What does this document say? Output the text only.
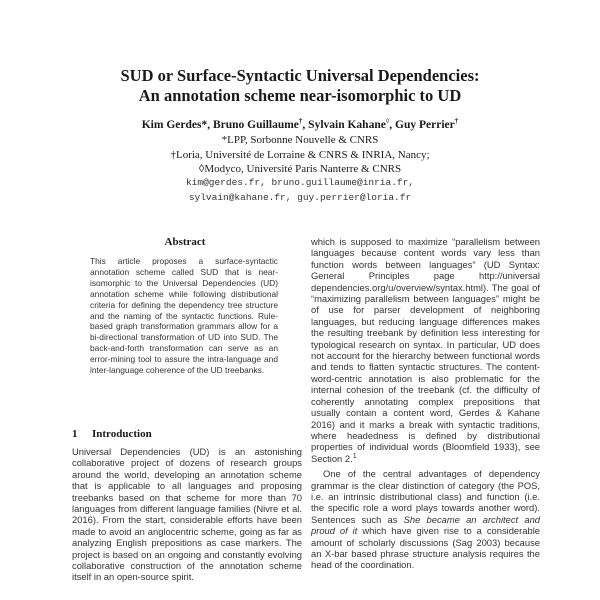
SUD or Surface-Syntactic Universal Dependencies:
An annotation scheme near-isomorphic to UD
Kim Gerdes*, Bruno Guillaume†, Sylvain Kahane◊, Guy Perrier†
*LPP, Sorbonne Nouvelle & CNRS
†Loria, Université de Lorraine & CNRS & INRIA, Nancy;
◊Modyco, Université Paris Nanterre & CNRS
kim@gerdes.fr, bruno.guillaume@inria.fr,
sylvain@kahane.fr, guy.perrier@loria.fr
Abstract
This article proposes a surface-syntactic annotation scheme called SUD that is near-isomorphic to the Universal Dependencies (UD) annotation scheme while following distributional criteria for defining the dependency tree structure and the naming of the syntactic functions. Rule-based graph transformation grammars allow for a bi-directional transformation of UD into SUD. The back-and-forth transformation can serve as an error-mining tool to assure the intra-language and inter-language coherence of the UD treebanks.
1 Introduction
Universal Dependencies (UD) is an astonishing collaborative project of dozens of research groups around the world, developing an annotation scheme that is applicable to all languages and proposing treebanks based on that scheme for more than 70 languages from different language families (Nivre et al. 2016). From the start, considerable efforts have been made to avoid an anglocentric scheme, going as far as analyzing English prepositions as case markers. The project is based on an ongoing and constantly evolving collaborative construction of the annotation scheme itself in an open-source spirit.

which is supposed to maximize “parallelism between languages because content words vary less than function words between languages” (UD Syntax: General Principles page http://universal dependencies.org/u/overview/syntax.html). The goal of “maximizing parallelism between languages” might be of use for parser development of neighboring languages, but reducing language differences makes the resulting treebank by definition less interesting for typological research on syntax. In particular, UD does not account for the hierarchy between functional words and tends to flatten syntactic structures. The content-word-centric annotation is also problematic for the internal cohesion of the treebank (cf. the difficulty of coherently annotating complex prepositions that usually contain a content word, Gerdes & Kahane 2016) and it marks a break with syntactic traditions, where headedness is defined by distributional properties of individual words (Bloomfield 1933), see Section 2.$^1$

One of the central advantages of dependency grammar is the clear distinction of category (the POS, i.e. an intrinsic distributional class) and function (i.e. the specific role a word plays towards another word). Sentences such as She became an architect and proud of it which have given rise to a considerable amount of scholarly discussions (Sag 2003) because an X-bar based phrase structure analysis requires the head of the coordination.
